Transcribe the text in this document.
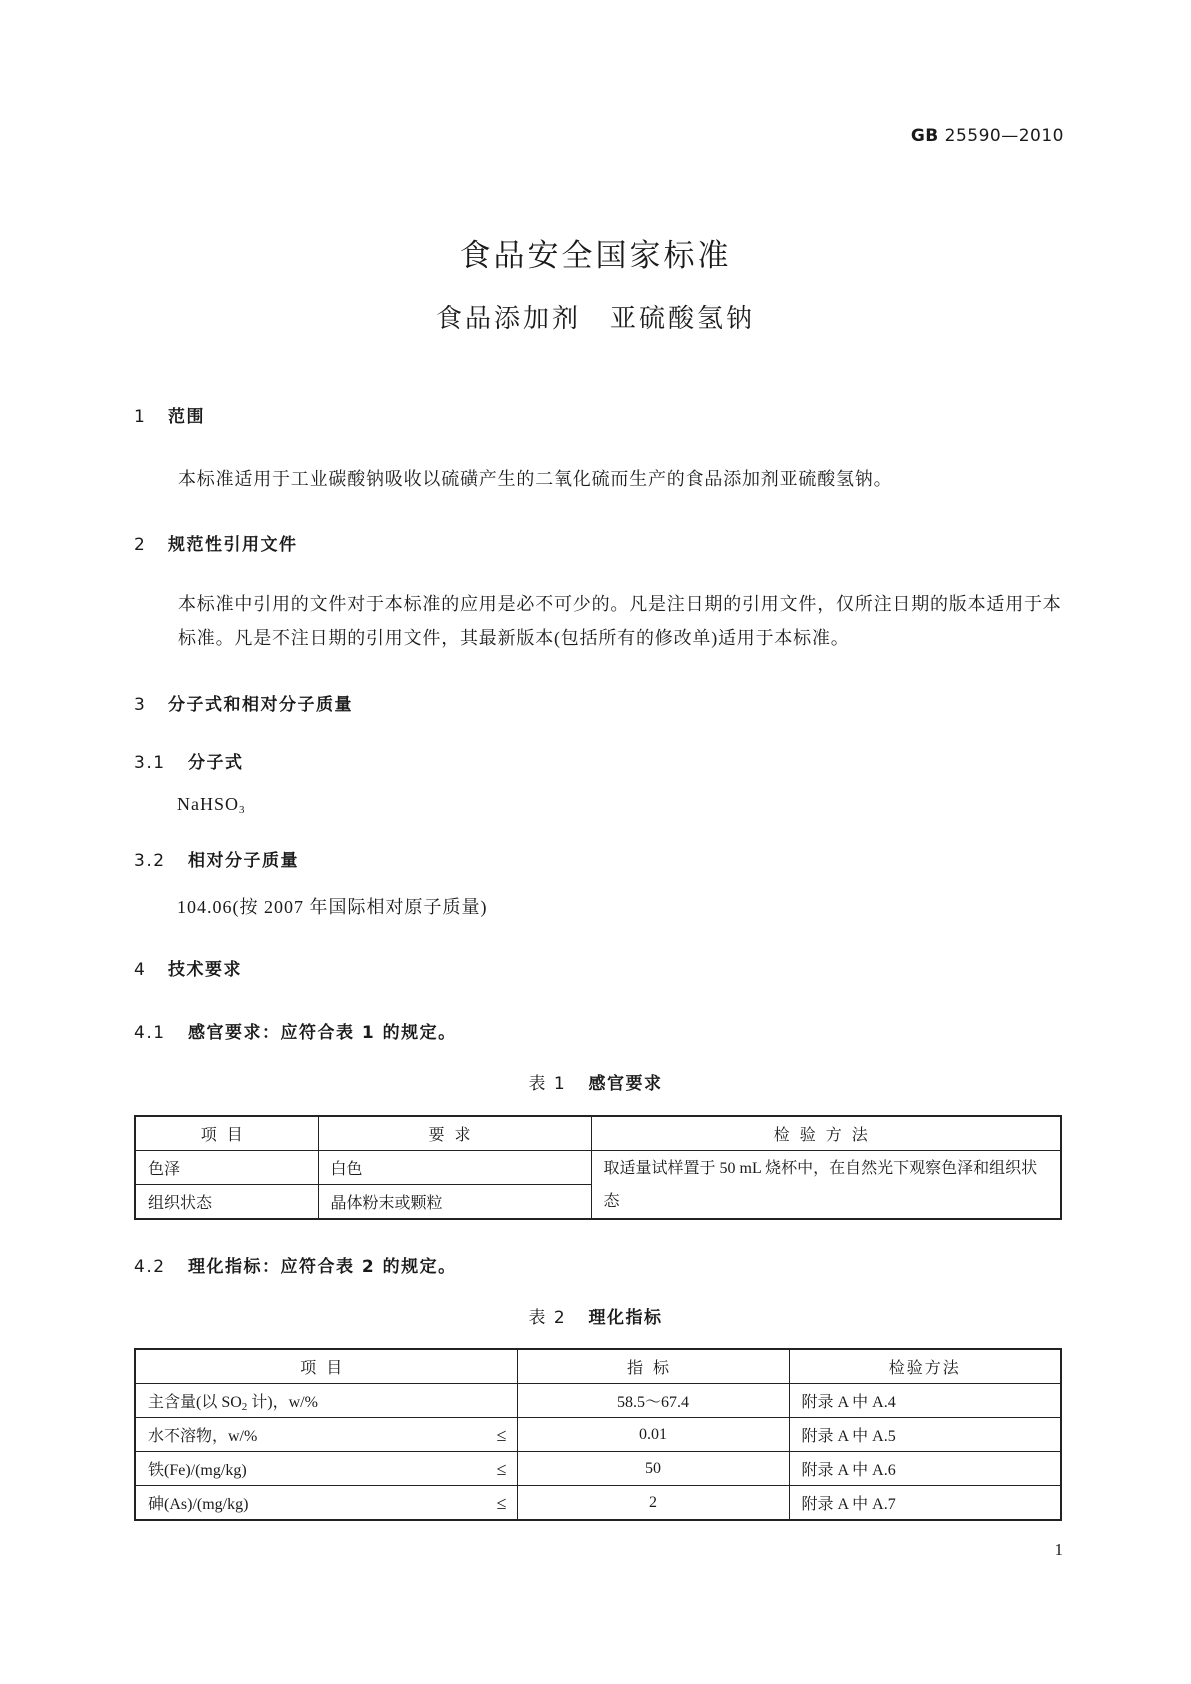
GB 25590—2010
食品安全国家标准
食品添加剂　亚硫酸氢钠
1 范围
本标准适用于工业碳酸钠吸收以硫磺产生的二氧化硫而生产的食品添加剂亚硫酸氢钠。
2 规范性引用文件
本标准中引用的文件对于本标准的应用是必不可少的。凡是注日期的引用文件，仅所注日期的版本适用于本标准。凡是不注日期的引用文件，其最新版本(包括所有的修改单)适用于本标准。
3 分子式和相对分子质量
3.1 分子式
NaHSO$_3$
3.2 相对分子质量
104.06(按 2007 年国际相对原子质量)
4 技术要求
4.1 感官要求：应符合表 1 的规定。
表 1 感官要求
项目	要求	检验方法
色泽	白色	取适量试样置于 50 mL 烧杯中，在自然光下观察色泽和组织状态
组织状态	晶体粉末或颗粒	
4.2 理化指标：应符合表 2 的规定。
表 2 理化指标
项目	指标	检验方法
主含量(以 $SO_2$ 计)，w/%	58.5～67.4	附录 A 中 A.4
水不溶物，w/% ≤	0.01	附录 A 中 A.5
铁(Fe)/(mg/kg) ≤	50	附录 A 中 A.6
砷(As)/(mg/kg) ≤	2	附录 A 中 A.7
1
